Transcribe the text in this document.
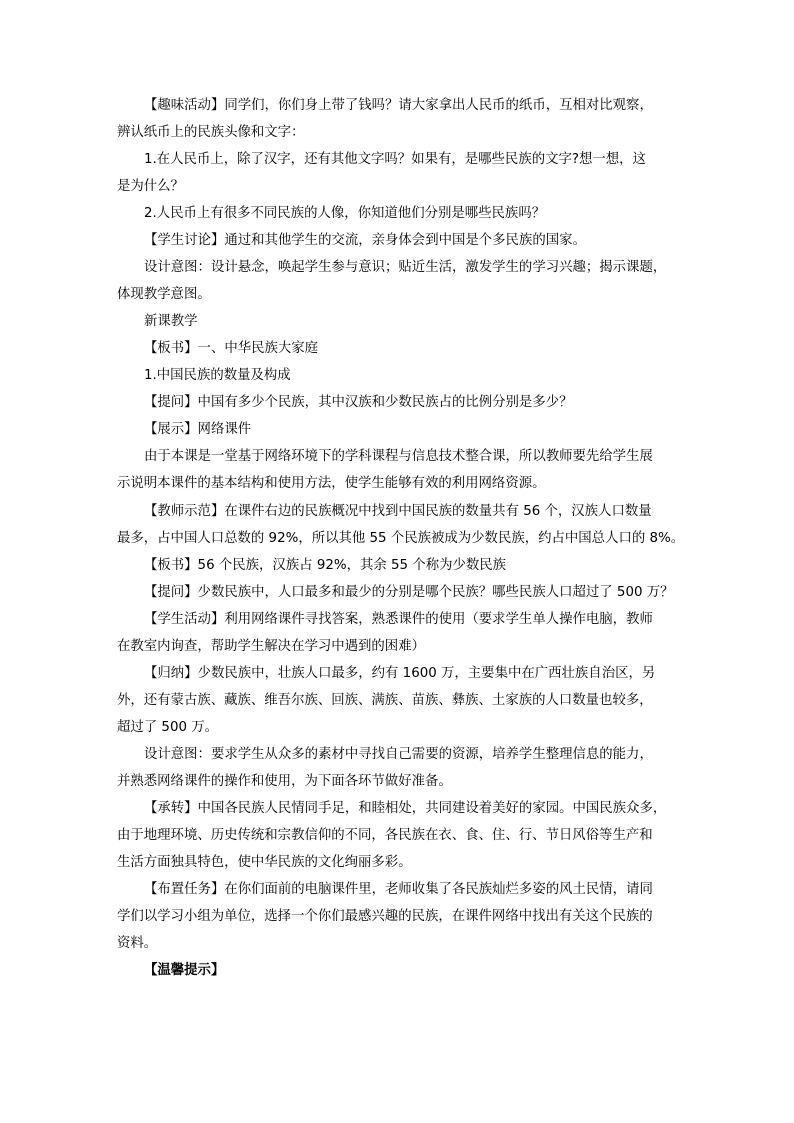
【趣味活动】同学们，你们身上带了钱吗？请大家拿出人民币的纸币，互相对比观察，
辨认纸币上的民族头像和文字：
1.在人民币上，除了汉字，还有其他文字吗？如果有，是哪些民族的文字?想一想，这
是为什么？
2.人民币上有很多不同民族的人像，你知道他们分别是哪些民族吗？
【学生讨论】通过和其他学生的交流，亲身体会到中国是个多民族的国家。
设计意图：设计悬念，唤起学生参与意识；贴近生活，激发学生的学习兴趣；揭示课题，
体现教学意图。
新课教学
【板书】一、中华民族大家庭
1.中国民族的数量及构成
【提问】中国有多少个民族，其中汉族和少数民族占的比例分别是多少？
【展示】网络课件
由于本课是一堂基于网络环境下的学科课程与信息技术整合课，所以教师要先给学生展
示说明本课件的基本结构和使用方法，使学生能够有效的利用网络资源。
【教师示范】在课件右边的民族概况中找到中国民族的数量共有 56 个，汉族人口数量
最多，占中国人口总数的 92%，所以其他 55 个民族被成为少数民族，约占中国总人口的 8%。
【板书】56 个民族，汉族占 92%，其余 55 个称为少数民族
【提问】少数民族中，人口最多和最少的分别是哪个民族？哪些民族人口超过了 500 万？
【学生活动】利用网络课件寻找答案，熟悉课件的使用（要求学生单人操作电脑，教师
在教室内询查，帮助学生解决在学习中遇到的困难）
【归纳】少数民族中，壮族人口最多，约有 1600 万，主要集中在广西壮族自治区，另
外，还有蒙古族、藏族、维吾尔族、回族、满族、苗族、彝族、土家族的人口数量也较多，
超过了 500 万。
设计意图：要求学生从众多的素材中寻找自己需要的资源，培养学生整理信息的能力，
并熟悉网络课件的操作和使用，为下面各环节做好准备。
【承转】中国各民族人民情同手足，和睦相处，共同建设着美好的家园。中国民族众多，
由于地理环境、历史传统和宗教信仰的不同，各民族在衣、食、住、行、节日风俗等生产和
生活方面独具特色，使中华民族的文化绚丽多彩。
【布置任务】在你们面前的电脑课件里，老师收集了各民族灿烂多姿的风土民情，请同
学们以学习小组为单位，选择一个你们最感兴趣的民族，在课件网络中找出有关这个民族的
资料。
【温馨提示】
